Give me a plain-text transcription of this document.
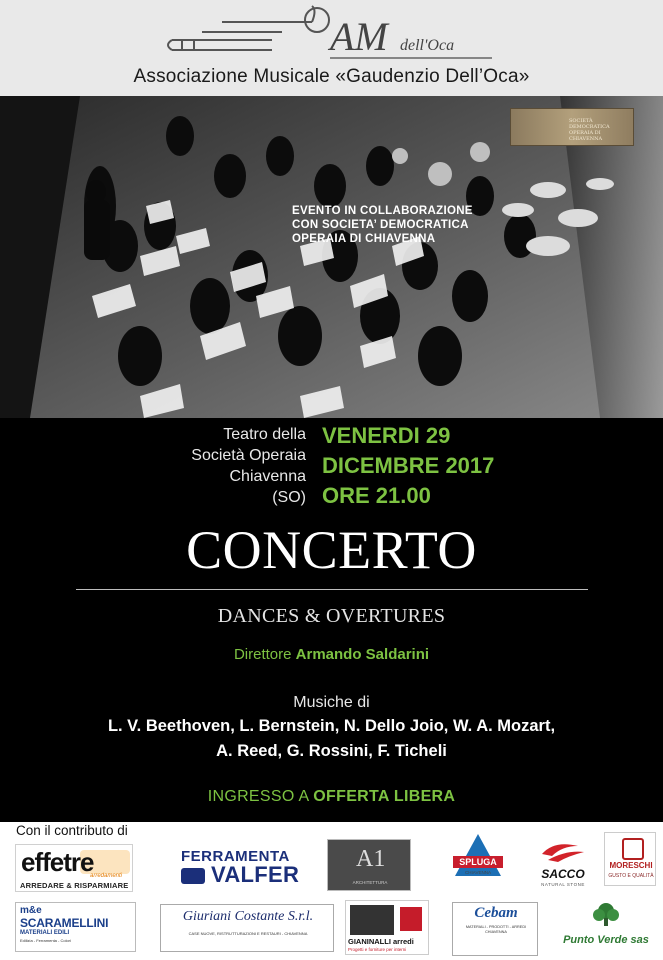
AM dell'Oca
Associazione Musicale «Gaudenzio Dell’Oca»
EVENTO IN COLLABORAZIONE
CON SOCIETA’ DEMOCRATICA
OPERAIA DI CHIAVENNA
SOCIETÀ DEMOCRATICA OPERAIA DI CHIAVENNA
Teatro della
Società Operaia
Chiavenna
(SO)
VENERDI 29
DICEMBRE 2017
ORE 21.00
CONCERTO
DANCES & OVERTURES
Direttore Armando Saldarini
Musiche di
L. V. Beethoven, L. Bernstein, N. Dello Joio, W. A. Mozart,
A. Reed, G. Rossini, F. Ticheli
INGRESSO A OFFERTA LIBERA
Con il contributo di
effetre
arredamenti
ARREDARE & RISPARMIARE
FERRAMENTA
VALFER
A1
ARCHITETTURA
SPLUGA
CHIAVENNA	SACCO
NATURAL STONE
MORESCHI
GUSTO E QUALITÀ
m&e
SCARAMELLINI
MATERIALI EDILI
Edilizia - Ferramenta - Colori
Giuriani Costante S.r.l.
CASE NUOVE, RISTRUTTURAZIONI E RESTAURI - CHIAVENNA
GIANINALLI arredi
Progetti e forniture per interni
Cebam
MATERIALI - PRODOTTI - ARREDI CHIAVENNA
Punto Verde sas
